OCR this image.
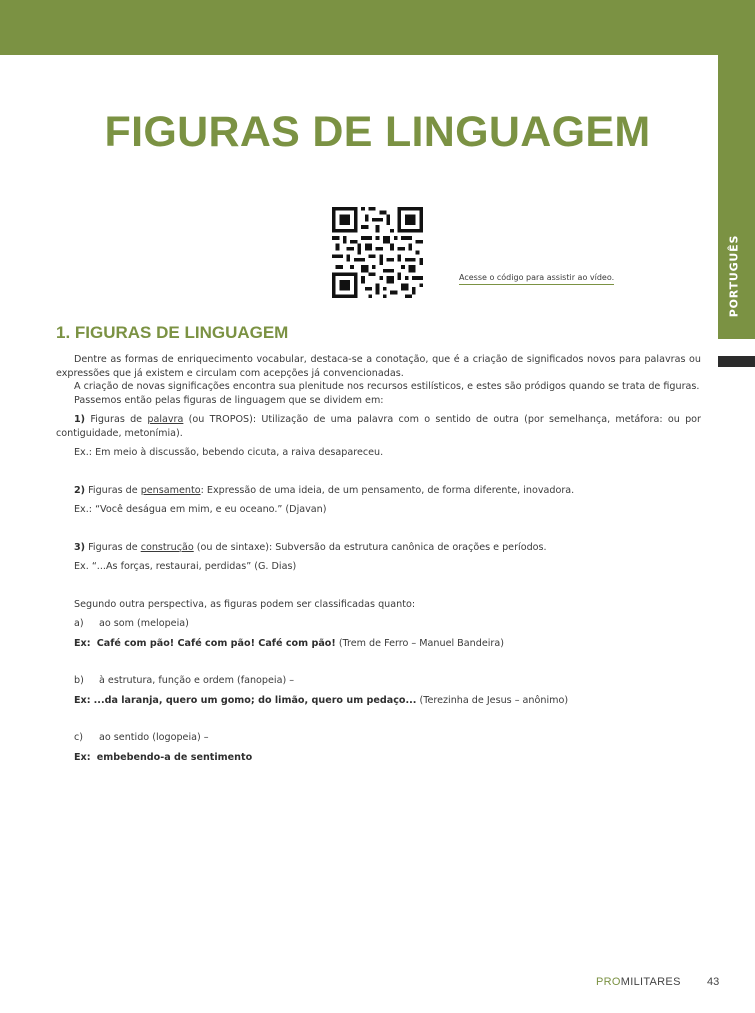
PORTUGUÊS
FIGURAS DE LINGUAGEM
Acesse o código para assistir ao vídeo.
1. FIGURAS DE LINGUAGEM

Dentre as formas de enriquecimento vocabular, destaca-se a conotação, que é a criação de significados novos para palavras ou expressões que já existem e circulam com acepções já convencionadas.

A criação de novas significações encontra sua plenitude nos recursos estilísticos, e estes são pródigos quando se trata de figuras.

Passemos então pelas figuras de linguagem que se dividem em:

1) Figuras de palavra (ou TROPOS): Utilização de uma palavra com o sentido de outra (por semelhança, metáfora: ou por contiguidade, metonímia).

Ex.: Em meio à discussão, bebendo cicuta, a raiva desapareceu.

2) Figuras de pensamento: Expressão de uma ideia, de um pensamento, de forma diferente, inovadora.

Ex.: “Você deságua em mim, e eu oceano.” (Djavan)

3) Figuras de construção (ou de sintaxe): Subversão da estrutura canônica de orações e períodos.

Ex. “...As forças, restaurai, perdidas” (G. Dias)

Segundo outra perspectiva, as figuras podem ser classificadas quanto:

a) ao som (melopeia)
Ex: Café com pão! Café com pão! Café com pão! (Trem de Ferro – Manuel Bandeira)
b) à estrutura, função e ordem (fanopeia) –
Ex: ...da laranja, quero um gomo; do limão, quero um pedaço... (Terezinha de Jesus – anônimo)
c) ao sentido (logopeia) –
Ex: embebendo-a de sentimento
PROMILITARES 43
